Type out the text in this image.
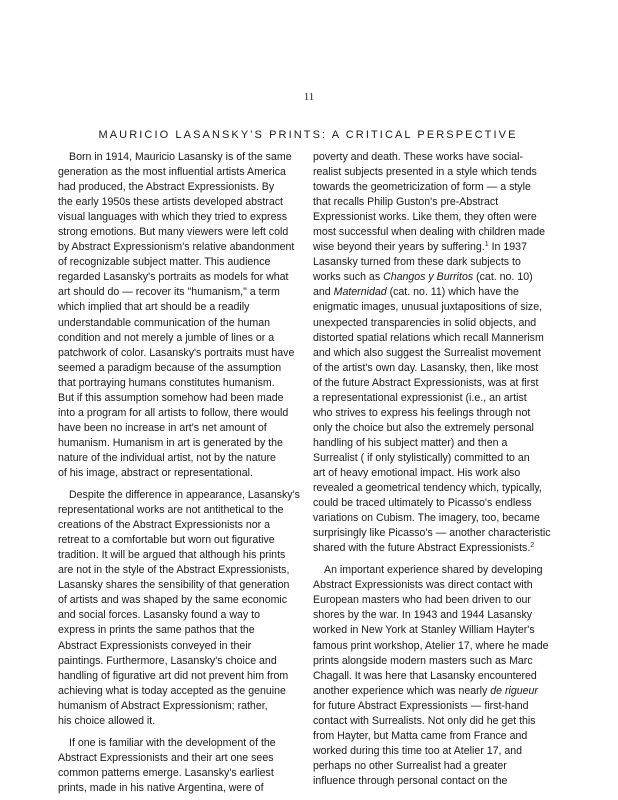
11
MAURICIO LASANSKY'S PRINTS: A CRITICAL PERSPECTIVE
Born in 1914, Mauricio Lasansky is of the same
generation as the most influential artists America
had produced, the Abstract Expressionists. By
the early 1950s these artists developed abstract
visual languages with which they tried to express
strong emotions. But many viewers were left cold
by Abstract Expressionism's relative abandonment
of recognizable subject matter. This audience
regarded Lasansky's portraits as models for what
art should do — recover its "humanism," a term
which implied that art should be a readily
understandable communication of the human
condition and not merely a jumble of lines or a
patchwork of color. Lasansky's portraits must have
seemed a paradigm because of the assumption
that portraying humans constitutes humanism.
But if this assumption somehow had been made
into a program for all artists to follow, there would
have been no increase in art's net amount of
humanism. Humanism in art is generated by the
nature of the individual artist, not by the nature
of his image, abstract or representational.
Despite the difference in appearance, Lasansky's
representational works are not antithetical to the
creations of the Abstract Expressionists nor a
retreat to a comfortable but worn out figurative
tradition. It will be argued that although his prints
are not in the style of the Abstract Expressionists,
Lasansky shares the sensibility of that generation
of artists and was shaped by the same economic
and social forces. Lasansky found a way to
express in prints the same pathos that the
Abstract Expressionists conveyed in their
paintings. Furthermore, Lasansky's choice and
handling of figurative art did not prevent him from
achieving what is today accepted as the genuine
humanism of Abstract Expressionism; rather,
his choice allowed it.
If one is familiar with the development of the
Abstract Expressionists and their art one sees
common patterns emerge. Lasansky's earliest
prints, made in his native Argentina, were of
poverty and death. These works have social-
realist subjects presented in a style which tends
towards the geometricization of form — a style
that recalls Philip Guston's pre-Abstract
Expressionist works. Like them, they often were
most successful when dealing with children made
wise beyond their years by suffering.$^1$ In 1937
Lasansky turned from these dark subjects to
works such as Changos y Burritos (cat. no. 10)
and Maternidad (cat. no. 11) which have the
enigmatic images, unusual juxtapositions of size,
unexpected transparencies in solid objects, and
distorted spatial relations which recall Mannerism
and which also suggest the Surrealist movement
of the artist's own day. Lasansky, then, like most
of the future Abstract Expressionists, was at first
a representational expressionist (i.e., an artist
who strives to express his feelings through not
only the choice but also the extremely personal
handling of his subject matter) and then a
Surrealist ( if only stylistically) committed to an
art of heavy emotional impact. His work also
revealed a geometrical tendency which, typically,
could be traced ultimately to Picasso's endless
variations on Cubism. The imagery, too, became
surprisingly like Picasso's — another characteristic
shared with the future Abstract Expressionists.$^2$
An important experience shared by developing
Abstract Expressionists was direct contact with
European masters who had been driven to our
shores by the war. In 1943 and 1944 Lasansky
worked in New York at Stanley William Hayter's
famous print workshop, Atelier 17, where he made
prints alongside modern masters such as Marc
Chagall. It was here that Lasansky encountered
another experience which was nearly de rigueur
for future Abstract Expressionists — first-hand
contact with Surrealists. Not only did he get this
from Hayter, but Matta came from France and
worked during this time too at Atelier 17, and
perhaps no other Surrealist had a greater
influence through personal contact on the
